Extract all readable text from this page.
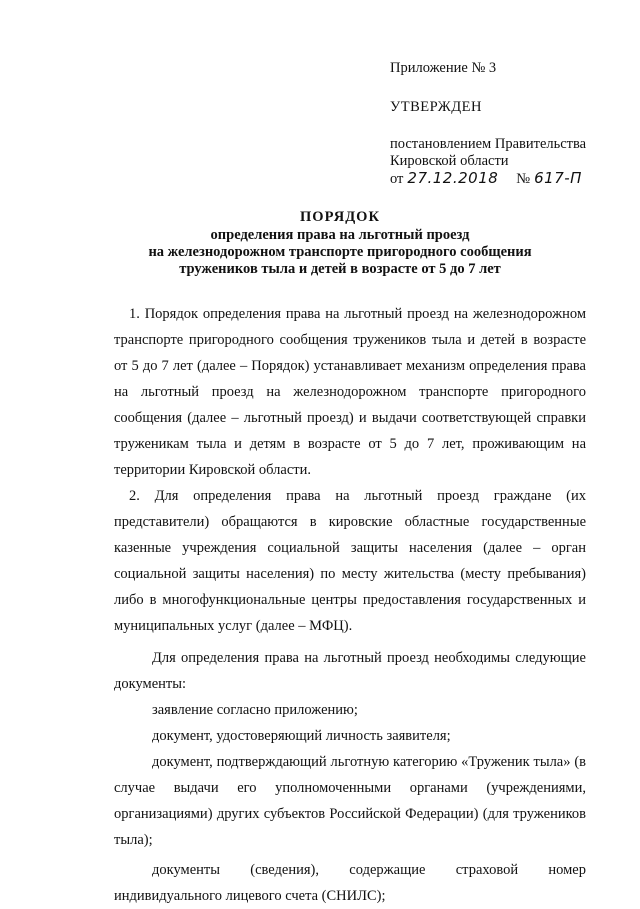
Приложение № 3

УТВЕРЖДЕН

постановлением Правительства
Кировской области
от 27.12.2018 № 617-П
ПОРЯДОК
определения права на льготный проезд
на железнодорожном транспорте пригородного сообщения
тружеников тыла и детей в возрасте от 5 до 7 лет

1. Порядок определения права на льготный проезд на железнодорожном транспорте пригородного сообщения тружеников тыла и детей в возрасте от 5 до 7 лет (далее – Порядок) устанавливает механизм определения права на льготный проезд на железнодорожном транспорте пригородного сообщения (далее – льготный проезд) и выдачи соответствующей справки труженикам тыла и детям в возрасте от 5 до 7 лет, проживающим на территории Кировской области.

2. Для определения права на льготный проезд граждане (их представители) обращаются в кировские областные государственные казенные учреждения социальной защиты населения (далее – орган социальной защиты населения) по месту жительства (месту пребывания) либо в многофункциональные центры предоставления государственных и муниципальных услуг (далее – МФЦ).

Для определения права на льготный проезд необходимы следующие документы:

заявление согласно приложению;

документ, удостоверяющий личность заявителя;

документ, подтверждающий льготную категорию «Труженик тыла» (в случае выдачи его уполномоченными органами (учреждениями, организациями) других субъектов Российской Федерации) (для тружеников тыла);

документы (сведения), содержащие страховой номер индивидуального лицевого счета (СНИЛС);
